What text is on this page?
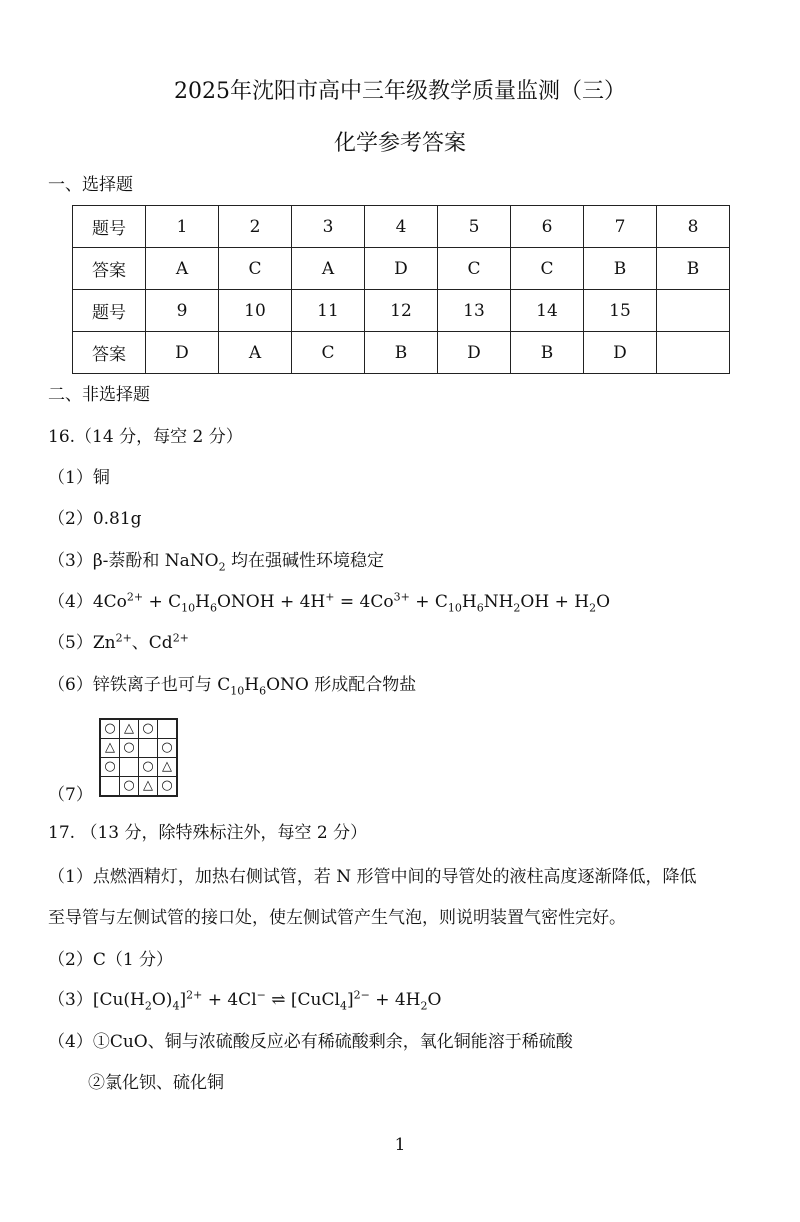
2025年沈阳市高中三年级教学质量监测（三）
化学参考答案
一、选择题
题号	1	2	3	4	5	6	7	8
答案	A	C	A	D	C	C	B	B
题号	9	10	11	12	13	14	15	
答案	D	A	C	B	D	B	D	
二、非选择题
16.（14 分，每空 2 分）
（1）铜
（2）0.81g
（3）β-萘酚和 NaNO$_2$ 均在强碱性环境稳定
$(4)4Co^{2+}$ + $C_{10}H_6ONOH + 4H^+ = 4Co^{3+} + C_{10}H_6NH_2OH + H_2O$
$(5)Zn^{2+}$、$Cd^{2+}$
（6）锌铁离子也可与 $C_{10}H_6ONO$ 形成配合物盐
（7）
17. （13 分，除特殊标注外，每空 2 分）
（1）点燃酒精灯，加热右侧试管，若 N 形管中间的导管处的液柱高度逐渐降低，降低
至导管与左侧试管的接口处，使左侧试管产生气泡，则说明装置气密性完好。
（2）C（1 分）
$(3)[Cu(H_2O)_4]^{2+} + 4Cl^-$ ⇌ [CuCl$_4$]$^{2-}$ + $4H_2O$
（4）①CuO、铜与浓硫酸反应必有稀硫酸剩余，氧化铜能溶于稀硫酸
②氯化钡、硫化铜
○	△	○	
△	○		○
○		○	△
	○	△	○
1
